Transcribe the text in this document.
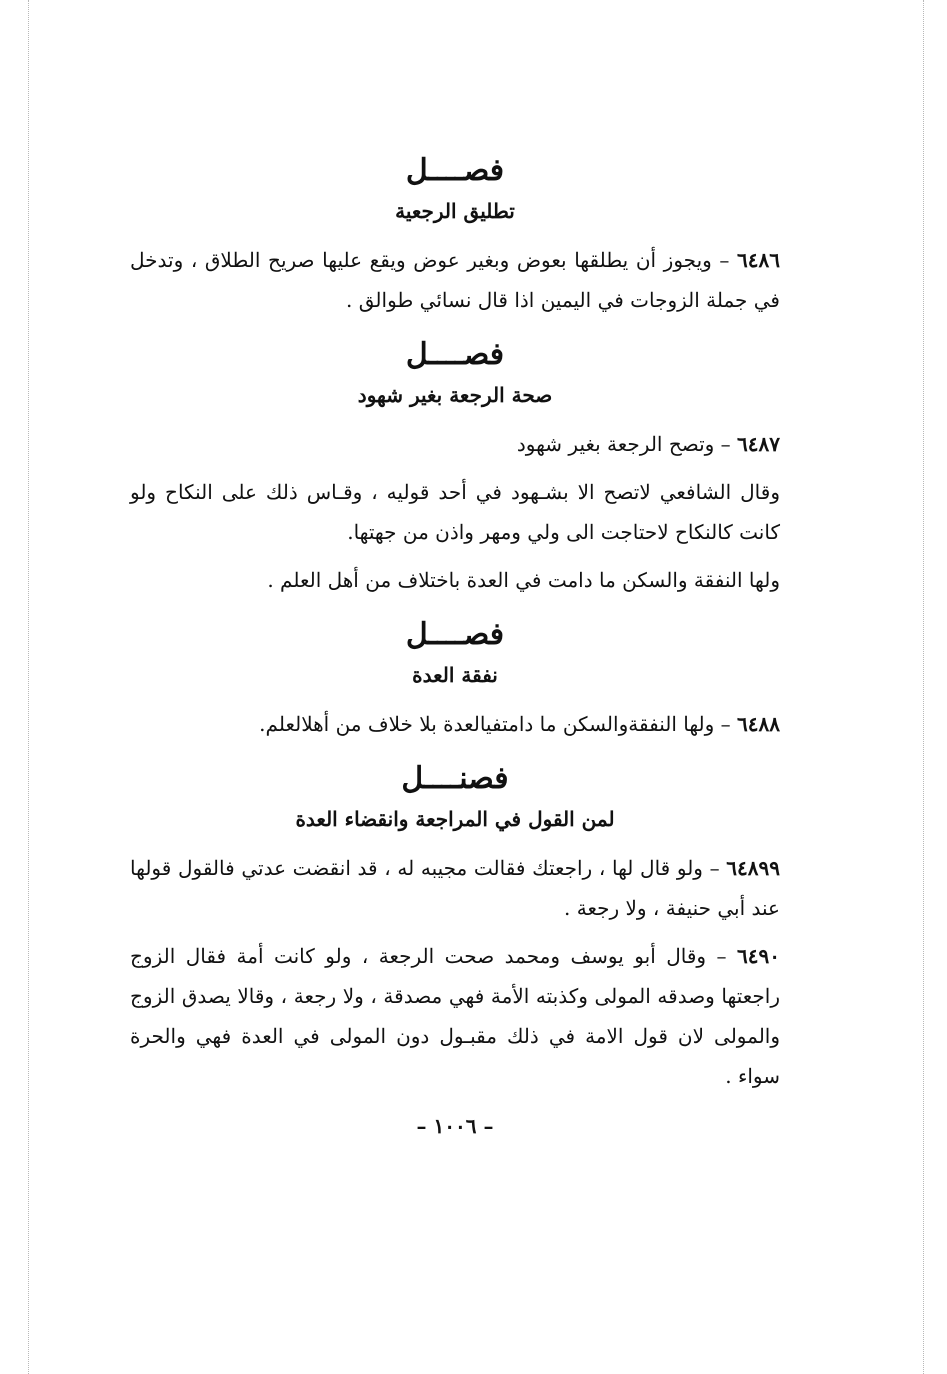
فصــــل
تطليق الرجعية

٦٤٨٦ – ويجوز أن يطلقها بعوض وبغير عوض ويقع عليها صريح الطلاق ، وتدخل في جملة الزوجات في اليمين اذا قال نسائي طوالق .

فصــــل
صحة الرجعة بغير شهود

٦٤٨٧ – وتصح الرجعة بغير شهود

وقال الشافعي لاتصح الا بشـهود في أحد قوليه ، وقـاس ذلك على النكاح ولو كانت كالنكاح لاحتاجت الى ولي ومهر واذن من جهتها.

ولها النفقة والسكن ما دامت في العدة باختلاف من أهل العلم .

فصــــل
نفقة العدة

٦٤٨٨ – ولها النفقةوالسكن ما دامتفيالعدة بلا خلاف من أهلالعلم.

فصنــــل
لمن القول في المراجعة وانقضاء العدة

٦٤٨٩٩ – ولو قال لها ، راجعتك فقالت مجيبه له ، قد انقضت عدتي فالقول قولها عند أبي حنيفة ، ولا رجعة .

٦٤٩٠ – وقال أبو يوسف ومحمد صحت الرجعة ، ولو كانت أمة فقال الزوج راجعتها وصدقه المولى وكذبته الأمة فهي مصدقة ، ولا رجعة ، وقالا يصدق الزوج والمولى لان قول الامة في ذلك مقبـول دون المولى في العدة فهي والحرة سواء .

– ١٠٠٦ –
